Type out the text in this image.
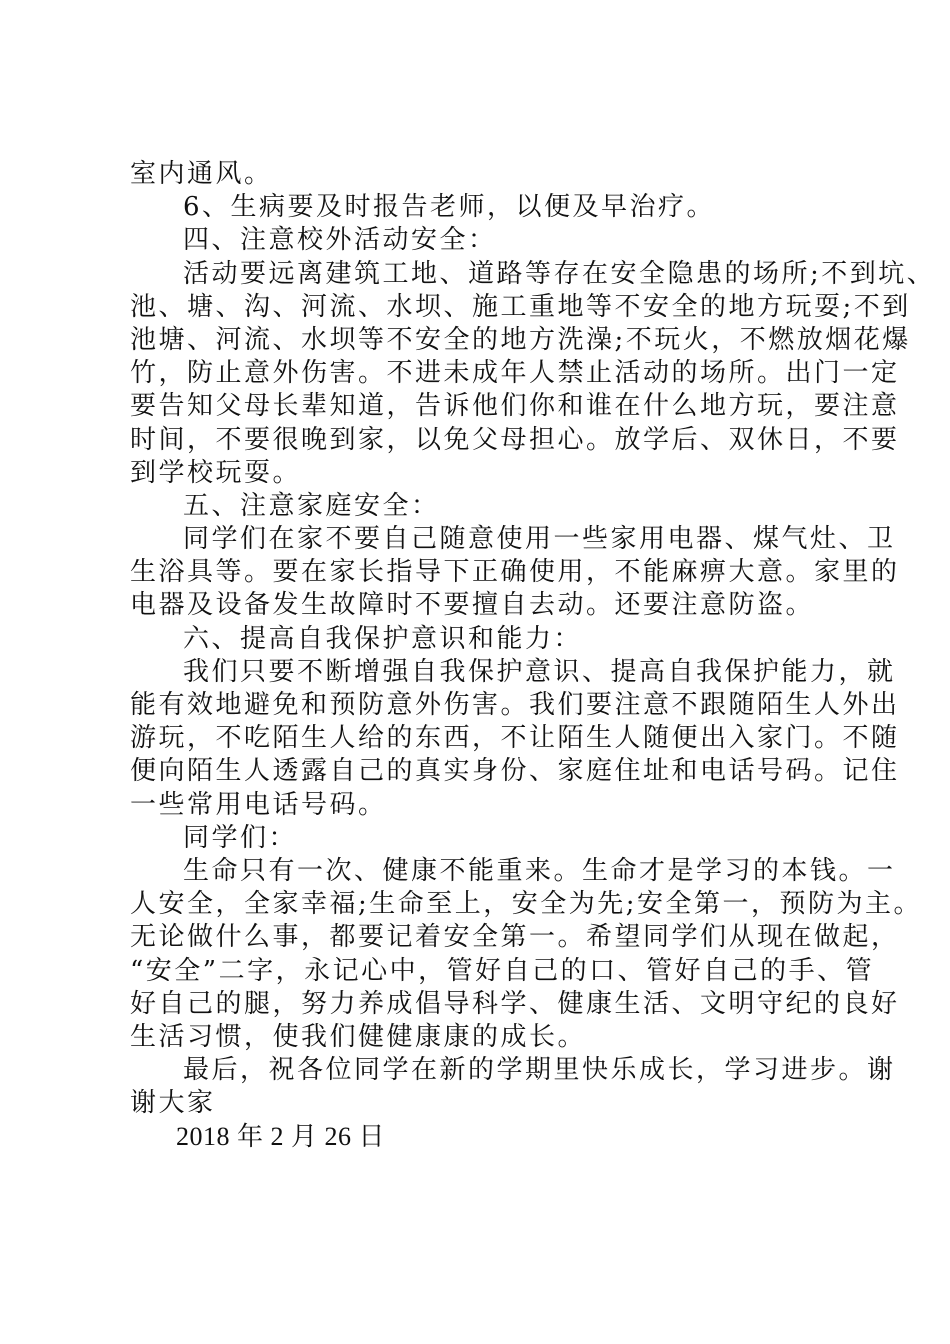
室内通风。
6、生病要及时报告老师，以便及早治疗。
四、注意校外活动安全：
活动要远离建筑工地、道路等存在安全隐患的场所;不到坑、
池、塘、沟、河流、水坝、施工重地等不安全的地方玩耍;不到
池塘、河流、水坝等不安全的地方洗澡;不玩火，不燃放烟花爆
竹，防止意外伤害。不进未成年人禁止活动的场所。出门一定
要告知父母长辈知道，告诉他们你和谁在什么地方玩，要注意
时间，不要很晚到家，以免父母担心。放学后、双休日，不要
到学校玩耍。
五、注意家庭安全：
同学们在家不要自己随意使用一些家用电器、煤气灶、卫
生浴具等。要在家长指导下正确使用，不能麻痹大意。家里的
电器及设备发生故障时不要擅自去动。还要注意防盗。
六、提高自我保护意识和能力：
我们只要不断增强自我保护意识、提高自我保护能力，就
能有效地避免和预防意外伤害。我们要注意不跟随陌生人外出
游玩，不吃陌生人给的东西，不让陌生人随便出入家门。不随
便向陌生人透露自己的真实身份、家庭住址和电话号码。记住
一些常用电话号码。
同学们：
生命只有一次、健康不能重来。生命才是学习的本钱。一
人安全，全家幸福;生命至上，安全为先;安全第一，预防为主。
无论做什么事，都要记着安全第一。希望同学们从现在做起，
“安全”二字，永记心中，管好自己的口、管好自己的手、管
好自己的腿，努力养成倡导科学、健康生活、文明守纪的良好
生活习惯，使我们健健康康的成长。
最后，祝各位同学在新的学期里快乐成长，学习进步。谢
谢大家
2018 年 2 月 26 日
